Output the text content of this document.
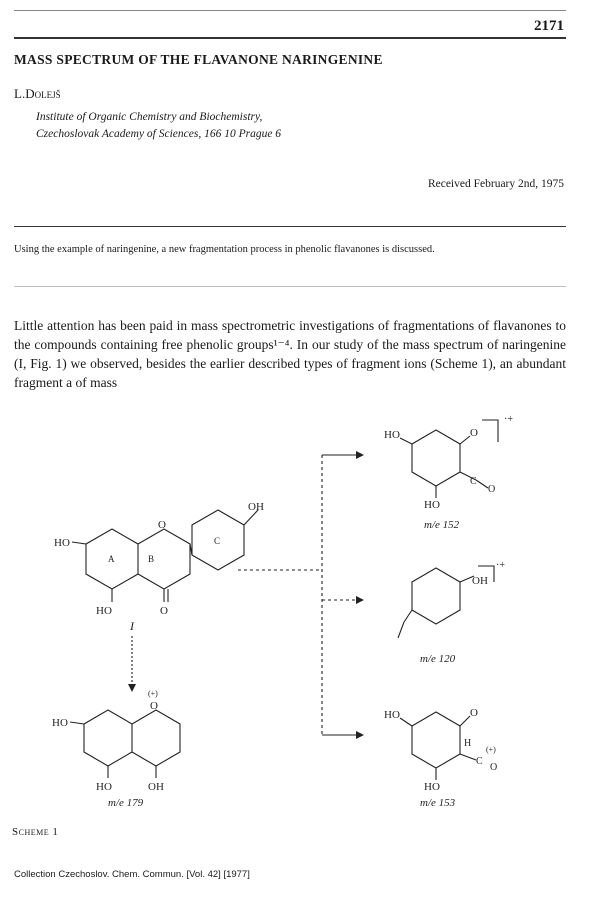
2171
MASS SPECTRUM OF THE FLAVANONE NARINGENINE
L.Dolejš
Institute of Organic Chemistry and Biochemistry,
Czechoslovak Academy of Sciences, 166 10 Prague 6
Received February 2nd, 1975
Using the example of naringenine, a new fragmentation process in phenolic flavanones is discussed.

Little attention has been paid in mass spectrometric investigations of fragmentations of flavanones to the compounds containing free phenolic groups¹⁻⁴. In our study of the mass spectrum of naringenine (I, Fig. 1) we observed, besides the earlier described types of fragment ions (Scheme 1), an abundant fragment a of mass

OH
HO
O
A	B
C
HO	O
I
HO
O
(+)
HO	OH
m/e 179
HO	O
·+
C
O
HO
m/e 152
OH
·+
m/e 120
HO	O
H
C
O
(+)
HO
m/e 153
Scheme 1
Collection Czechoslov. Chem. Commun. [Vol. 42] [1977]
